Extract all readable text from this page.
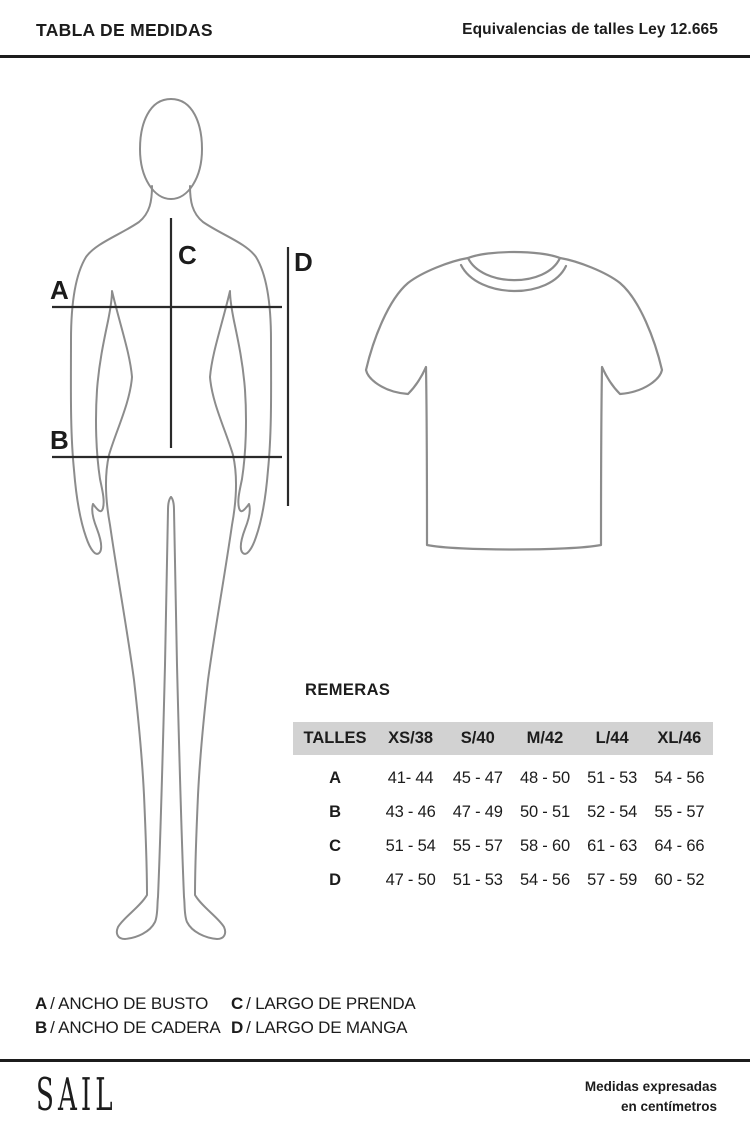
TABLA DE MEDIDAS	Equivalencias de talles Ley 12.665
A
B
C	D
REMERAS
TALLES	XS/38	S/40	M/42	L/44	XL/46
A	41- 44	45 - 47	48 - 50	51 - 53	54 - 56
B	43 - 46	47 - 49	50 - 51	52 - 54	55 - 57
C	51 - 54	55 - 57	58 - 60	61 - 63	64 - 66
D	47 - 50	51 - 53	54 - 56	57 - 59	60 - 52
A / ANCHO DE BUSTO	C / LARGO DE PRENDA
B / ANCHO DE CADERA D / LARGO DE MANGA
SAIL	Medidas expresadas
en centímetros
